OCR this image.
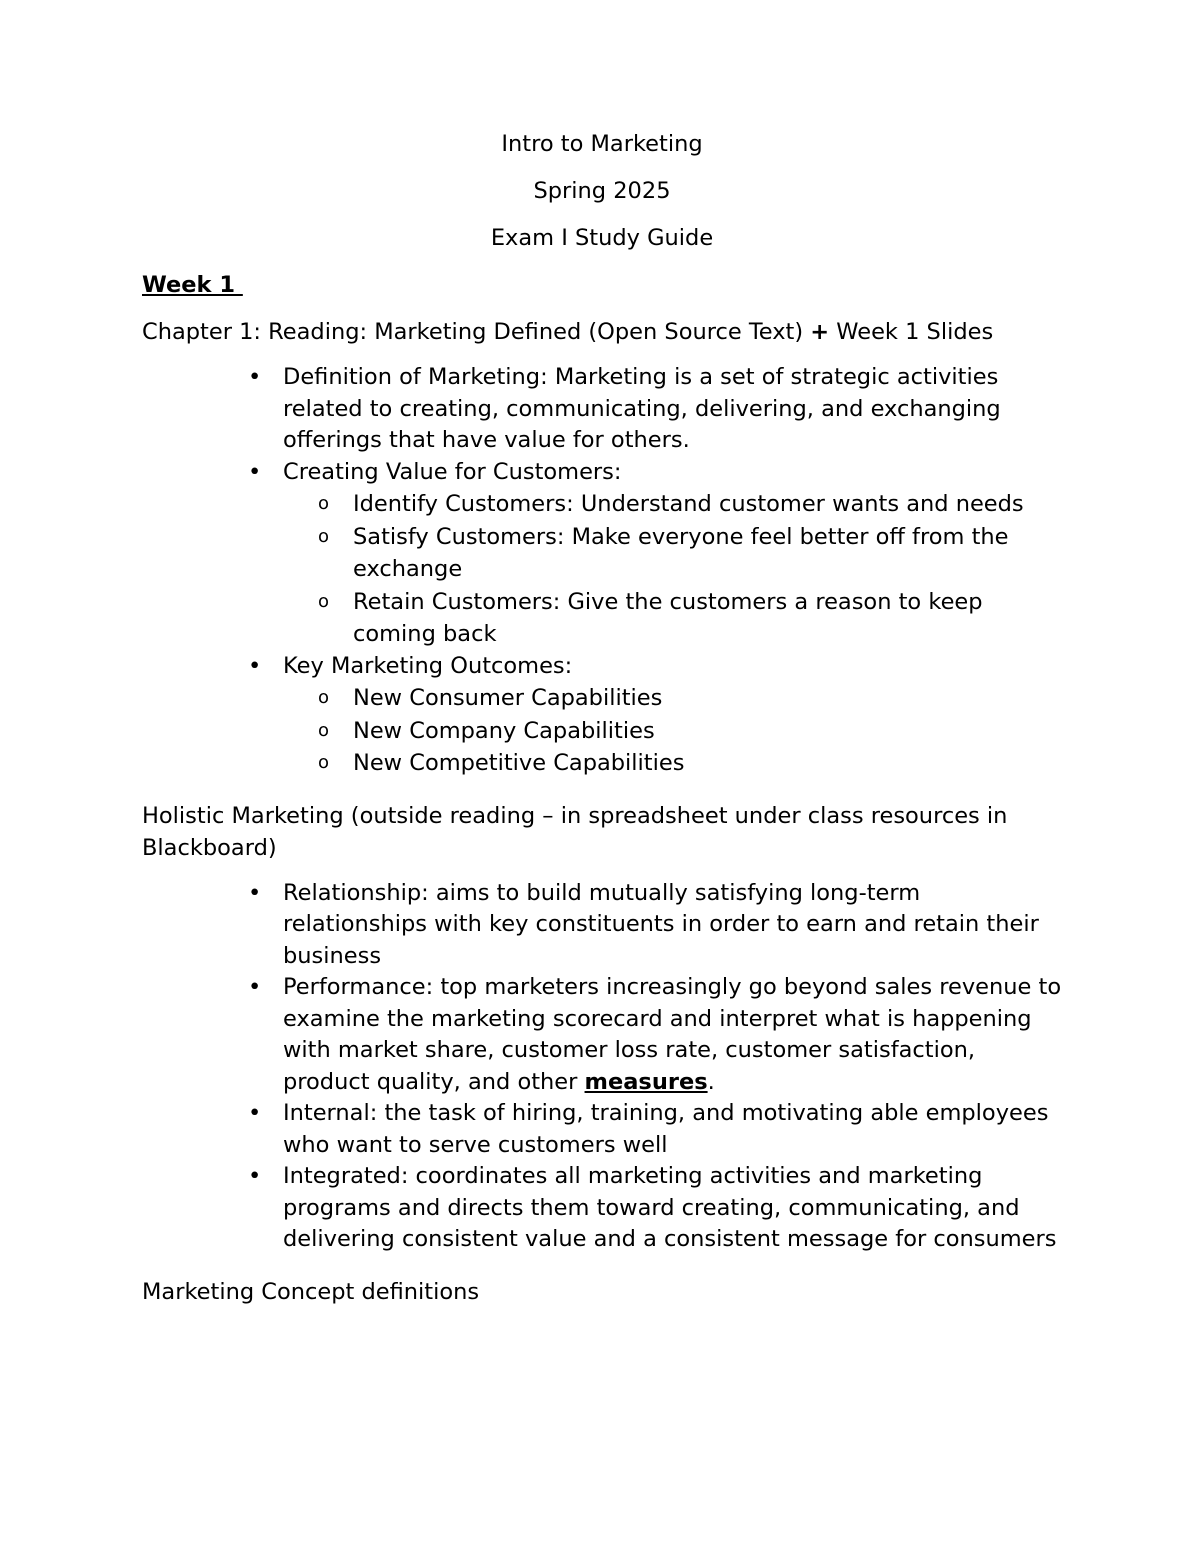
Intro to Marketing
Spring 2025
Exam I Study Guide
Week 1
Chapter 1: Reading: Marketing Defined (Open Source Text) + Week 1 Slides
• Definition of Marketing: Marketing is a set of strategic activities related to creating, communicating, delivering, and exchanging offerings that have value for others.
• Creating Value for Customers:
o Identify Customers: Understand customer wants and needs
o Satisfy Customers: Make everyone feel better off from the exchange
o Retain Customers: Give the customers a reason to keep coming back
• Key Marketing Outcomes:
o New Consumer Capabilities
o New Company Capabilities
o New Competitive Capabilities
Holistic Marketing (outside reading – in spreadsheet under class resources in Blackboard)
• Relationship: aims to build mutually satisfying long-term relationships with key constituents in order to earn and retain their business
• Performance: top marketers increasingly go beyond sales revenue to examine the marketing scorecard and interpret what is happening with market share, customer loss rate, customer satisfaction, product quality, and other measures.
• Internal: the task of hiring, training, and motivating able employees who want to serve customers well
• Integrated: coordinates all marketing activities and marketing programs and directs them toward creating, communicating, and delivering consistent value and a consistent message for consumers
Marketing Concept definitions
